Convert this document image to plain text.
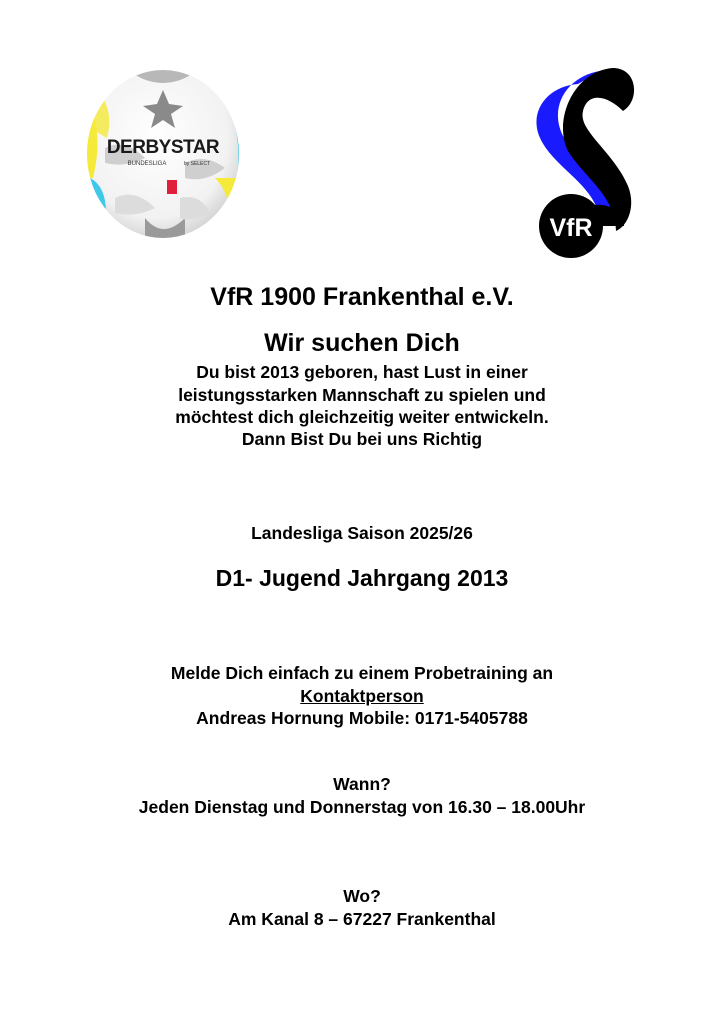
DERBYSTAR
BUNDESLIGA	by SELECT
VfR
VfR 1900 Frankenthal e.V.
Wir suchen Dich
Du bist 2013 geboren, hast Lust in einer
leistungsstarken Mannschaft zu spielen und
möchtest dich gleichzeitig weiter entwickeln.
Dann Bist Du bei uns Richtig
Landesliga Saison 2025/26
D1- Jugend Jahrgang 2013
Melde Dich einfach zu einem Probetraining an
Kontaktperson
Andreas Hornung Mobile: 0171-5405788
Wann?
Jeden Dienstag und Donnerstag von 16.30 – 18.00Uhr
Wo?
Am Kanal 8 – 67227 Frankenthal
